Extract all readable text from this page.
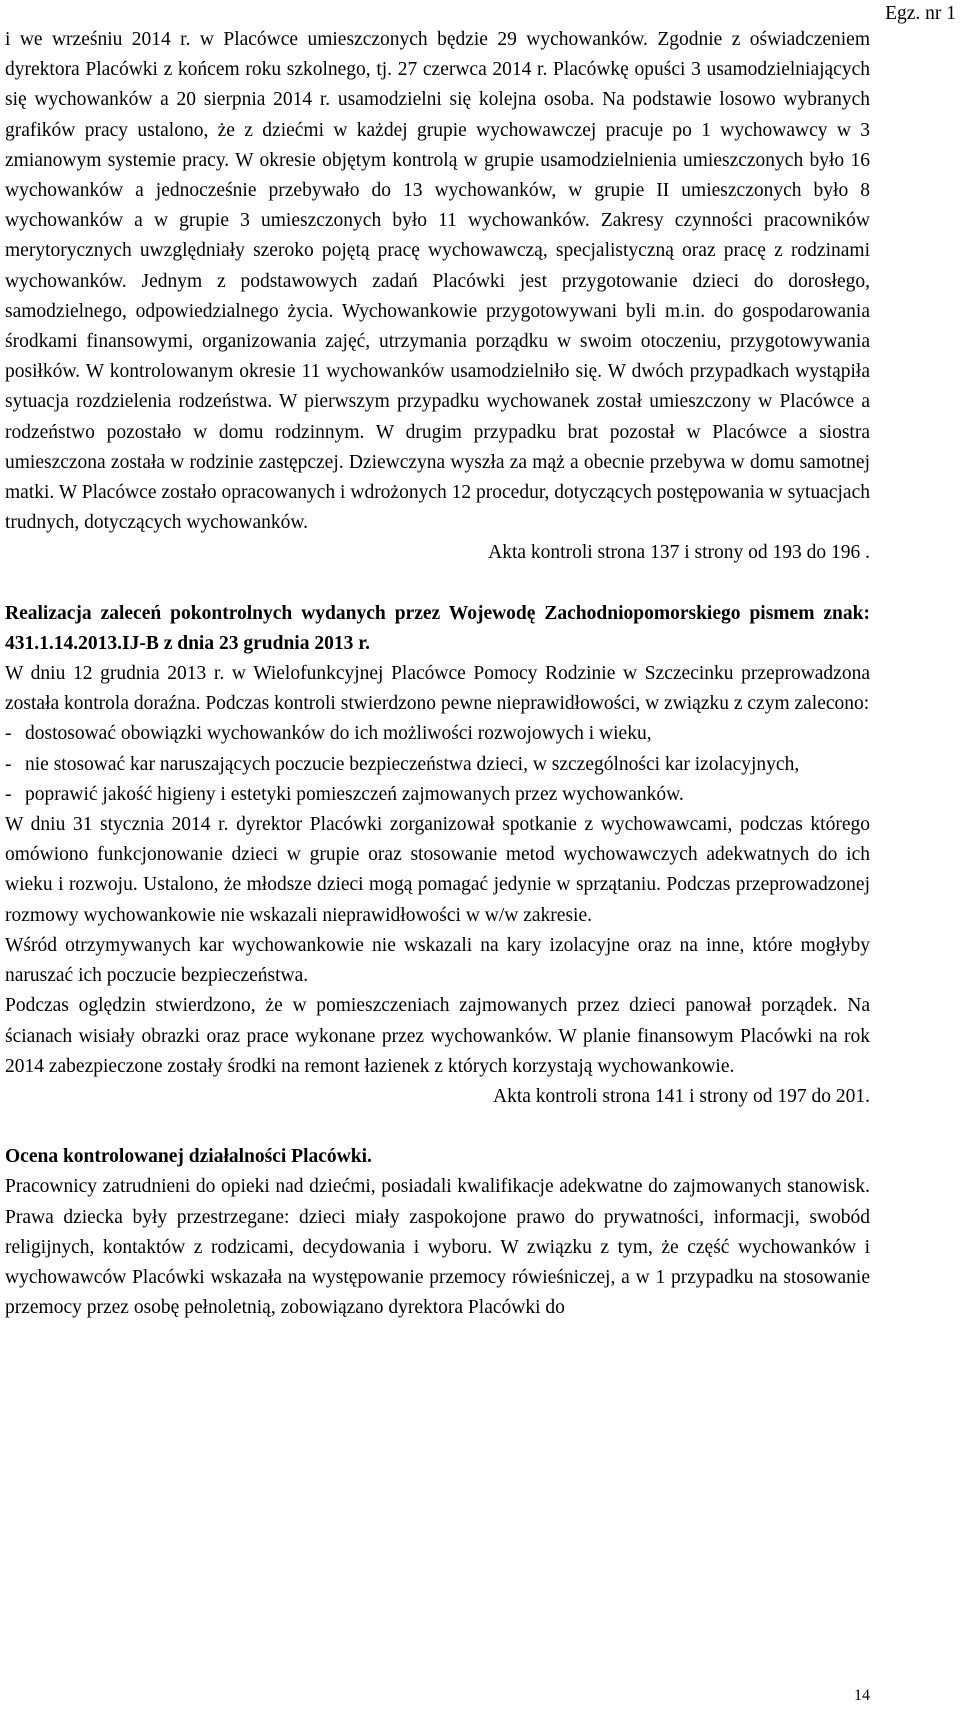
Egz. nr 1

i we wrześniu 2014 r. w Placówce umieszczonych będzie 29 wychowanków. Zgodnie z oświadczeniem dyrektora Placówki z końcem roku szkolnego, tj. 27 czerwca 2014 r. Placówkę opuści 3 usamodzielniających się wychowanków a 20 sierpnia 2014 r. usamodzielni się kolejna osoba. Na podstawie losowo wybranych grafików pracy ustalono, że z dziećmi w każdej grupie wychowawczej pracuje po 1 wychowawcy w 3 zmianowym systemie pracy. W okresie objętym kontrolą w grupie usamodzielnienia umieszczonych było 16 wychowanków a jednocześnie przebywało do 13 wychowanków, w grupie II umieszczonych było 8 wychowanków a w grupie 3 umieszczonych było 11 wychowanków. Zakresy czynności pracowników merytorycznych uwzględniały szeroko pojętą pracę wychowawczą, specjalistyczną oraz pracę z rodzinami wychowanków. Jednym z podstawowych zadań Placówki jest przygotowanie dzieci do dorosłego, samodzielnego, odpowiedzialnego życia. Wychowankowie przygotowywani byli m.in. do gospodarowania środkami finansowymi, organizowania zajęć, utrzymania porządku w swoim otoczeniu, przygotowywania posiłków. W kontrolowanym okresie 11 wychowanków usamodzielniło się. W dwóch przypadkach wystąpiła sytuacja rozdzielenia rodzeństwa. W pierwszym przypadku wychowanek został umieszczony w Placówce a rodzeństwo pozostało w domu rodzinnym. W drugim przypadku brat pozostał w Placówce a siostra umieszczona została w rodzinie zastępczej. Dziewczyna wyszła za mąż a obecnie przebywa w domu samotnej matki. W Placówce zostało opracowanych i wdrożonych 12 procedur, dotyczących postępowania w sytuacjach trudnych, dotyczących wychowanków.

Akta kontroli strona 137 i strony od 193 do 196 .

Realizacja zaleceń pokontrolnych wydanych przez Wojewodę Zachodniopomorskiego pismem znak: 431.1.14.2013.IJ-B z dnia 23 grudnia 2013 r.

W dniu 12 grudnia 2013 r. w Wielofunkcyjnej Placówce Pomocy Rodzinie w Szczecinku przeprowadzona została kontrola doraźna. Podczas kontroli stwierdzono pewne nieprawidłowości, w związku z czym zalecono:

- dostosować obowiązki wychowanków do ich możliwości rozwojowych i wieku,
- nie stosować kar naruszających poczucie bezpieczeństwa dzieci, w szczególności kar izolacyjnych,
- poprawić jakość higieny i estetyki pomieszczeń zajmowanych przez wychowanków.

W dniu 31 stycznia 2014 r. dyrektor Placówki zorganizował spotkanie z wychowawcami, podczas którego omówiono funkcjonowanie dzieci w grupie oraz stosowanie metod wychowawczych adekwatnych do ich wieku i rozwoju. Ustalono, że młodsze dzieci mogą pomagać jedynie w sprzątaniu. Podczas przeprowadzonej rozmowy wychowankowie nie wskazali nieprawidłowości w w/w zakresie.

Wśród otrzymywanych kar wychowankowie nie wskazali na kary izolacyjne oraz na inne, które mogłyby naruszać ich poczucie bezpieczeństwa.

Podczas oględzin stwierdzono, że w pomieszczeniach zajmowanych przez dzieci panował porządek. Na ścianach wisiały obrazki oraz prace wykonane przez wychowanków. W planie finansowym Placówki na rok 2014 zabezpieczone zostały środki na remont łazienek z których korzystają wychowankowie.

Akta kontroli strona 141 i strony od 197 do 201.

Ocena kontrolowanej działalności Placówki.

Pracownicy zatrudnieni do opieki nad dziećmi, posiadali kwalifikacje adekwatne do zajmowanych stanowisk. Prawa dziecka były przestrzegane: dzieci miały zaspokojone prawo do prywatności, informacji, swobód religijnych, kontaktów z rodzicami, decydowania i wyboru. W związku z tym, że część wychowanków i wychowawców Placówki wskazała na występowanie przemocy rówieśniczej, a w 1 przypadku na stosowanie przemocy przez osobę pełnoletnią, zobowiązano dyrektora Placówki do

14
